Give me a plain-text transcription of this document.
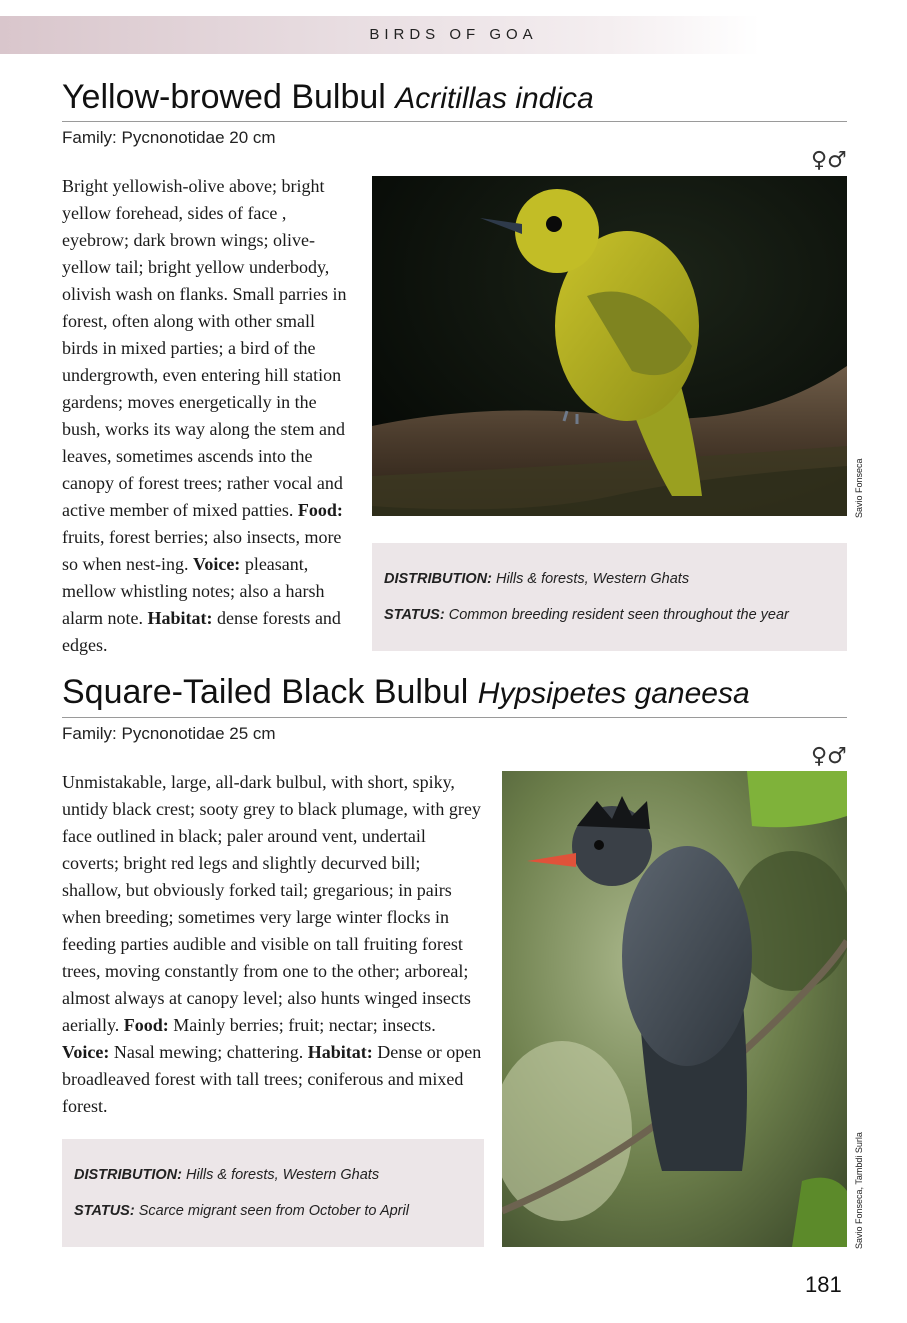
BIRDS OF GOA
Yellow-browed Bulbul Acritillas indica
Family: Pycnonotidae 20 cm
♀♂
Bright yellowish-olive above; bright yellow forehead, sides of face , eyebrow; dark brown wings; olive-yellow tail; bright yellow underbody, olivish wash on flanks. Small parries in forest, often along with other small birds in mixed parties; a bird of the undergrowth, even entering hill station gardens; moves energetically in the bush, works its way along the stem and leaves, sometimes ascends into the canopy of forest trees; rather vocal and active member of mixed patties. Food: fruits, forest berries; also insects, more so when nest-ing. Voice: pleasant, mellow whistling notes; also a harsh alarm note. Habitat: dense forests and edges.
Savio Fonseca
DISTRIBUTION: Hills & forests, Western Ghats
STATUS: Common breeding resident seen throughout the year
Square-Tailed Black Bulbul Hypsipetes ganeesa
Family: Pycnonotidae 25 cm
♀♂
Unmistakable, large, all-dark bulbul, with short, spiky, untidy black crest; sooty grey to black plumage, with grey face outlined in black; paler around vent, undertail coverts; bright red legs and slightly decurved bill; shallow, but obviously forked tail; gregarious; in pairs when breeding; sometimes very large winter flocks in feeding parties audible and visible on tall fruiting forest trees, moving constantly from one to the other; arboreal; almost always at canopy level; also hunts winged insects aerially. Food: Mainly berries; fruit; nectar; insects. Voice: Nasal mewing; chattering. Habitat: Dense or open broadleaved forest with tall trees; coniferous and mixed forest.
Savio Fonseca, Tambdi Surla
DISTRIBUTION: Hills & forests, Western Ghats
STATUS: Scarce migrant seen from October to April
181
